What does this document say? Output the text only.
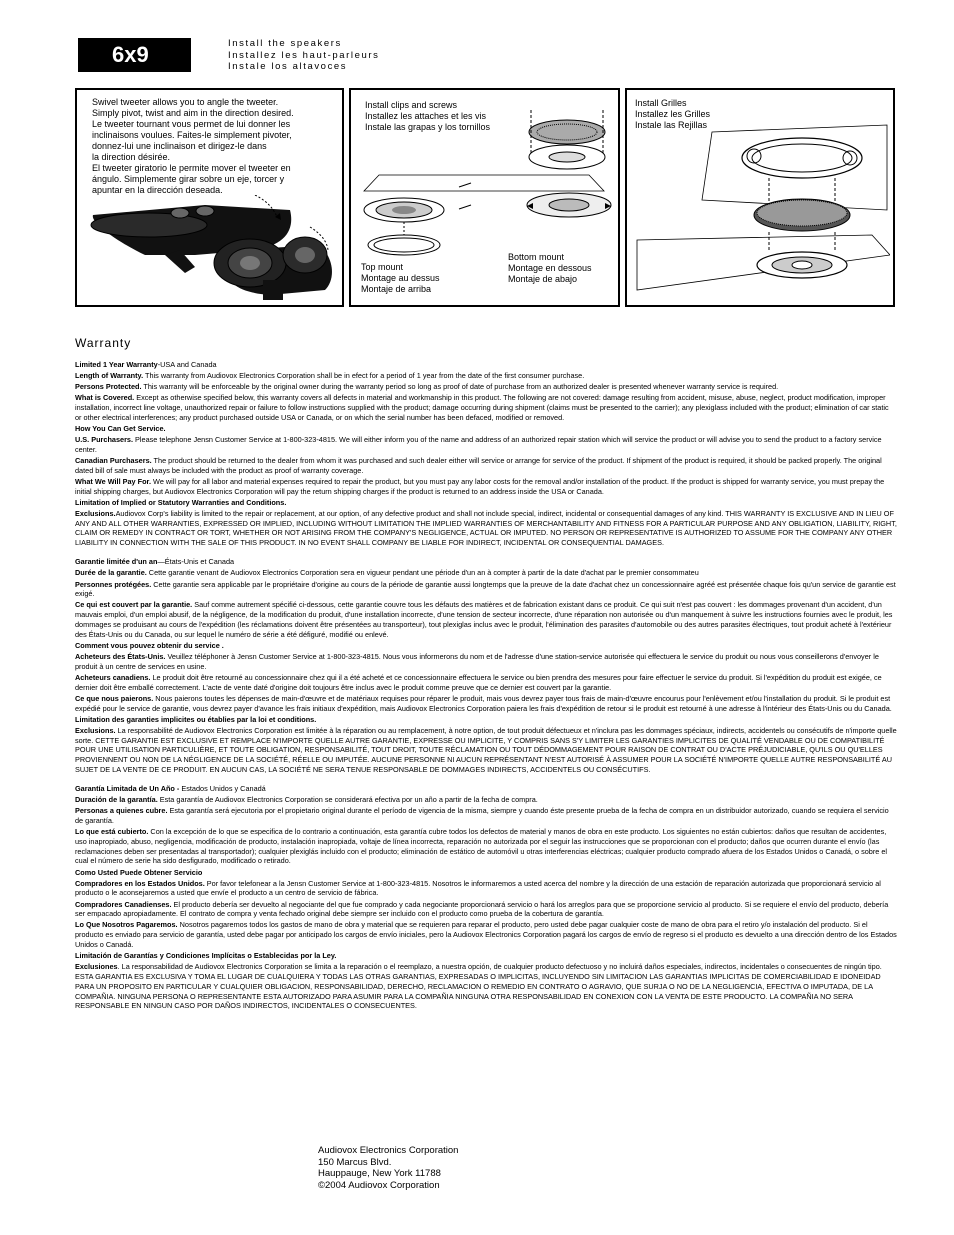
6x9	Install the speakers
Installez les haut-parleurs
Instale los altavoces
Swivel tweeter allows you to angle the tweeter.
Simply pivot, twist and aim in the direction desired.
Le tweeter tournant vous permet de lui donner les
inclinaisons voulues. Faites-le simplement pivoter,
donnez-lui une inclinaison et dirigez-le dans
la direction désirée.
El tweeter giratorio le permite mover el tweeter en
ángulo. Simplemente girar sobre un eje, torcer y
apuntar en la dirección deseada.
Install clips and screws
Installez les attaches et les vis
Instale las grapas y los tornillos
Bottom mount
Montage en dessous
Montaje de abajo
Top mount
Montage au dessus
Montaje de arriba
Install Grilles
Installez les Grilles
Instale las Rejillas
Warranty

Limited 1 Year Warranty-USA and Canada

Length of Warranty. This warranty from Audiovox Electronics Corporation shall be in efect for a period of 1 year from the date of the first consumer purchase.

Persons Protected. This warranty will be enforceable by the original owner during the warranty period so long as proof of date of purchase from an authorized dealer is presented whenever warranty service is required.

What is Covered. Except as otherwise specified below, this warranty covers all defects in material and workmanship in this product. The following are not covered: damage resulting from accident, misuse, abuse, neglect, product modification, improper installation, incorrect line voltage, unauthorized repair or failure to follow instructions supplied with the product; damage occurring during shipment (claims must be presented to the carrier); any plexiglass included with the product; elimination of car static or other electrical interferences; any product purchased outside USA or Canada, or on which the serial number has been defaced, modified or removed.

How You Can Get Service.

U.S. Purchasers. Please telephone Jensn Customer Service at 1-800-323-4815. We will either inform you of the name and address of an authorized repair station which will service the product or will advise you to send the product to a factory service center.

Canadian Purchasers. The product should be returned to the dealer from whom it was purchased and such dealer either will service or arrange for service of the product. If shipment of the product is required, it should be packed properly. The original dated bill of sale must always be included with the product as proof of warranty coverage.

What We Will Pay For. We will pay for all labor and material expenses required to repair the product, but you must pay any labor costs for the removal and/or installation of the product. If the product is shipped for warranty service, you must prepay the initial shipping charges, but Audiovox Electronics Corporation will pay the return shipping charges if the product is returned to an address inside the USA or Canada.

Limitation of Implied or Statutory Warranties and Conditions.

Exclusions.Audiovox Corp's liability is limited to the repair or replacement, at our option, of any defective product and shall not include special, indirect, incidental or consequential damages of any kind. THIS WARRANTY IS EXCLUSIVE AND IN LIEU OF ANY AND ALL OTHER WARRANTIES, EXPRESSED OR IMPLIED, INCLUDING WITHOUT LIMITATION THE IMPLIED WARRANTIES OF MERCHANTABILITY AND FITNESS FOR A PARTICULAR PURPOSE AND ANY OBLIGATION, LIABILITY, RIGHT, CLAIM OR REMEDY IN CONTRACT OR TORT, WHETHER OR NOT ARISING FROM THE COMPANY'S NEGLIGENCE, ACTUAL OR IMPUTED. NO PERSON OR REPRESENTATIVE IS AUTHORIZED TO ASSUME FOR THE COMPANY ANY OTHER LIABILITY IN CONNECTION WITH THE SALE OF THIS PRODUCT. IN NO EVENT SHALL COMPANY BE LIABLE FOR INDIRECT, INCIDENTAL OR CONSEQUENTIAL DAMAGES.

Garantie limitée d'un an—États-Unis et Canada

Durée de la garantie. Cette garantie venant de Audiovox Electronics Corporation sera en vigueur pendant une période d'un an à compter à partir de la date d'achat par le premier consommateu

Personnes protégées. Cette garantie sera applicable par le propriétaire d'origine au cours de la période de garantie aussi longtemps que la preuve de la date d'achat chez un concessionnaire agréé est présentée chaque fois qu'un service de garantie est exigé.

Ce qui est couvert par la garantie. Sauf comme autrement spécifié ci-dessous, cette garantie couvre tous les défauts des matières et de fabrication existant dans ce produit. Ce qui suit n'est pas couvert : les dommages provenant d'un accident, d'un mauvais emploi, d'un emploi abusif, de la négligence, de la modification du produit, d'une installation incorrecte, d'une tension de secteur incorrecte, d'une réparation non autorisée ou d'un manquement à suivre les instructions fournies avec le produit, les dommages se produisant au cours de l'expédition (les réclamations doivent être présentées au transporteur), tout plexiglas inclus avec le produit, l'élimination des parasites d'automobile ou des autres parasites électriques, tout produit acheté à l'extérieur des États-Unis ou du Canada, ou sur lequel le numéro de série a été défiguré, modifié ou enlevé.

Comment vous pouvez obtenir du service .

Acheteurs des États-Unis. Veuillez téléphoner à Jensn Customer Service at 1-800-323-4815. Nous vous informerons du nom et de l'adresse d'une station-service autorisée qui effectuera le service du produit ou nous vous conseillerons d'envoyer le produit à un centre de services en usine.

Acheteurs canadiens. Le produit doit être retourné au concessionnaire chez qui il a été acheté et ce concessionnaire effectuera le service ou bien prendra des mesures pour faire effectuer le service du produit. Si l'expédition du produit est exigée, ce dernier doit être emballé correctement. L'acte de vente daté d'origine doit toujours être inclus avec le produit comme preuve que ce dernier est couvert par la garantie.

Ce que nous paierons. Nous paierons toutes les dépenses de main-d'œuvre et de matériaux requises pour réparer le produit, mais vous devrez payer tous frais de main-d'œuvre encourus pour l'enlèvement et/ou l'installation du produit. Si le produit est expédié pour le service de garantie, vous devrez payer d'avance les frais initiaux d'expédition, mais Audiovox Electronics Corporation paiera les frais d'expédition de retour si le produit est retourné à une adresse à l'intérieur des États-Unis ou du Canada.

Limitation des garanties implicites ou établies par la loi et conditions.

Exclusions. La responsabilité de Audiovox Electronics Corporation est limitée à la réparation ou au remplacement, à notre option, de tout produit défectueux et n'inclura pas les dommages spéciaux, indirects, accidentels ou consécutifs de n'importe quelle sorte. CETTE GARANTIE EST EXCLUSIVE ET REMPLACE N'IMPORTE QUELLE AUTRE GARANTIE, EXPRESSE OU IMPLICITE, Y COMPRIS SANS S'Y LIMITER LES GARANTIES IMPLICITES DE QUALITÉ VENDABLE OU DE COMPATIBILITÉ POUR UNE UTILISATION PARTICULIÈRE, ET TOUTE OBLIGATION, RESPONSABILITÉ, TOUT DROIT, TOUTE RÉCLAMATION OU TOUT DÉDOMMAGEMENT POUR RAISON DE CONTRAT OU D'ACTE PRÉJUDICIABLE, QU'ILS OU QU'ELLES PROVIENNENT OU NON DE LA NÉGLIGENCE DE LA SOCIÉTÉ, RÉELLE OU IMPUTÉE. AUCUNE PERSONNE NI AUCUN REPRÉSENTANT N'EST AUTORISÉ À ASSUMER POUR LA SOCIÉTÉ N'IMPORTE QUELLE AUTRE RESPONSABILITÉ AU SUJET DE LA VENTE DE CE PRODUIT. EN AUCUN CAS, LA SOCIÉTÉ NE SERA TENUE RESPONSABLE DE DOMMAGES INDIRECTS, ACCIDENTELS OU CONSÉCUTIFS.

Garantía Limitada de Un Año - Estados Unidos y Canadá

Duración de la garantía. Esta garantía de Audiovox Electronics Corporation se considerará efectiva por un año a partir de la fecha de compra.

Personas a quienes cubre. Esta garantía será ejecutoria por el propietario original durante el período de vigencia de la misma, siempre y cuando éste presente prueba de la fecha de compra en un distribuidor autorizado, cuando se requiera el servicio de garantía.

Lo que está cubierto. Con la excepción de lo que se especifica de lo contrario a continuación, esta garantía cubre todos los defectos de material y manos de obra en este producto. Los siguientes no están cubiertos: daños que resultan de accidentes, uso inapropiado, abuso, negligencia, modificación de producto, instalación inapropiada, voltaje de línea incorrecta, reparación no autorizada por el seguir las instrucciones que se proporcionan con el producto; daños que ocurren durante el envío (las reclamaciones deben ser presentadas al transportador); cualquier plexiglás incluido con el producto; eliminación de estático de automóvil u otras interferencias eléctricas; cualquier producto comprado afuera de los Estados Unidos o Canadá, o sobre el cual el número de serie ha sido desfigurado, modificado o retirado.

Como Usted Puede Obtener Servicio

Compradores en los Estados Unidos. Por favor telefonear a la Jensn Customer Service at 1-800-323-4815. Nosotros le informaremos a usted acerca del nombre y la dirección de una estación de reparación autorizada que proporcionará servicio al producto o le aconsejaremos a usted que envíe el producto a un centro de servicio de fábrica.

Compradores Canadienses. El producto debería ser devuelto al negociante del que fue comprado y cada negociante proporcionará servicio o hará los arreglos para que se proporcione servicio al producto. Si se requiere el envío del producto, debería ser empacado apropiadamente. El contrato de compra y venta fechado original debe siempre ser incluido con el producto como prueba de la cobertura de garantía.

Lo Que Nosotros Pagaremos. Nosotros pagaremos todos los gastos de mano de obra y material que se requieren para reparar el producto, pero usted debe pagar cualquier coste de mano de obra para el retiro y/o instalación del producto. Si el producto es enviado para servicio de garantía, usted debe pagar por anticipado los cargos de envío iniciales, pero la Audiovox Electronics Corporation pagará los cargos de envío de regreso si el producto es devuelto a una dirección dentro de los Estados Unidos o Canadá.

Limitación de Garantías y Condiciones Implícitas o Establecidas por la Ley.

Exclusiones. La responsabilidad de Audiovox Electronics Corporation se limita a la reparación o el reemplazo, a nuestra opción, de cualquier producto defectuoso y no incluirá daños especiales, indirectos, incidentales o consecuentes de ningún tipo. ESTA GARANTIA ES EXCLUSIVA Y TOMA EL LUGAR DE CUALQUIERA Y TODAS LAS OTRAS GARANTIAS, EXPRESADAS O IMPLICITAS, INCLUYENDO SIN LIMITACION LAS GARANTIAS IMPLICITAS DE COMERCIABILIDAD E IDONEIDAD PARA UN PROPOSITO EN PARTICULAR Y CUALQUIER OBLIGACION, RESPONSABILIDAD, DERECHO, RECLAMACION O REMEDIO EN CONTRATO O AGRAVIO, QUE SURJA O NO DE LA NEGLIGENCIA, EFECTIVA O IMPUTADA, DE LA COMPAÑIA. NINGUNA PERSONA O REPRESENTANTE ESTA AUTORIZADO PARA ASUMIR PARA LA COMPAÑIA NINGUNA OTRA RESPONSABILIDAD EN CONEXION CON LA VENTA DE ESTE PRODUCTO. LA COMPAÑIA NO SERA RESPONSABLE EN NINGUN CASO POR DAÑOS INDIRECTOS, INCIDENTALES O CONSECUENTES.

Audiovox Electronics Corporation
150 Marcus Blvd.
Hauppauge, New York 11788
©2004 Audiovox Corporation
